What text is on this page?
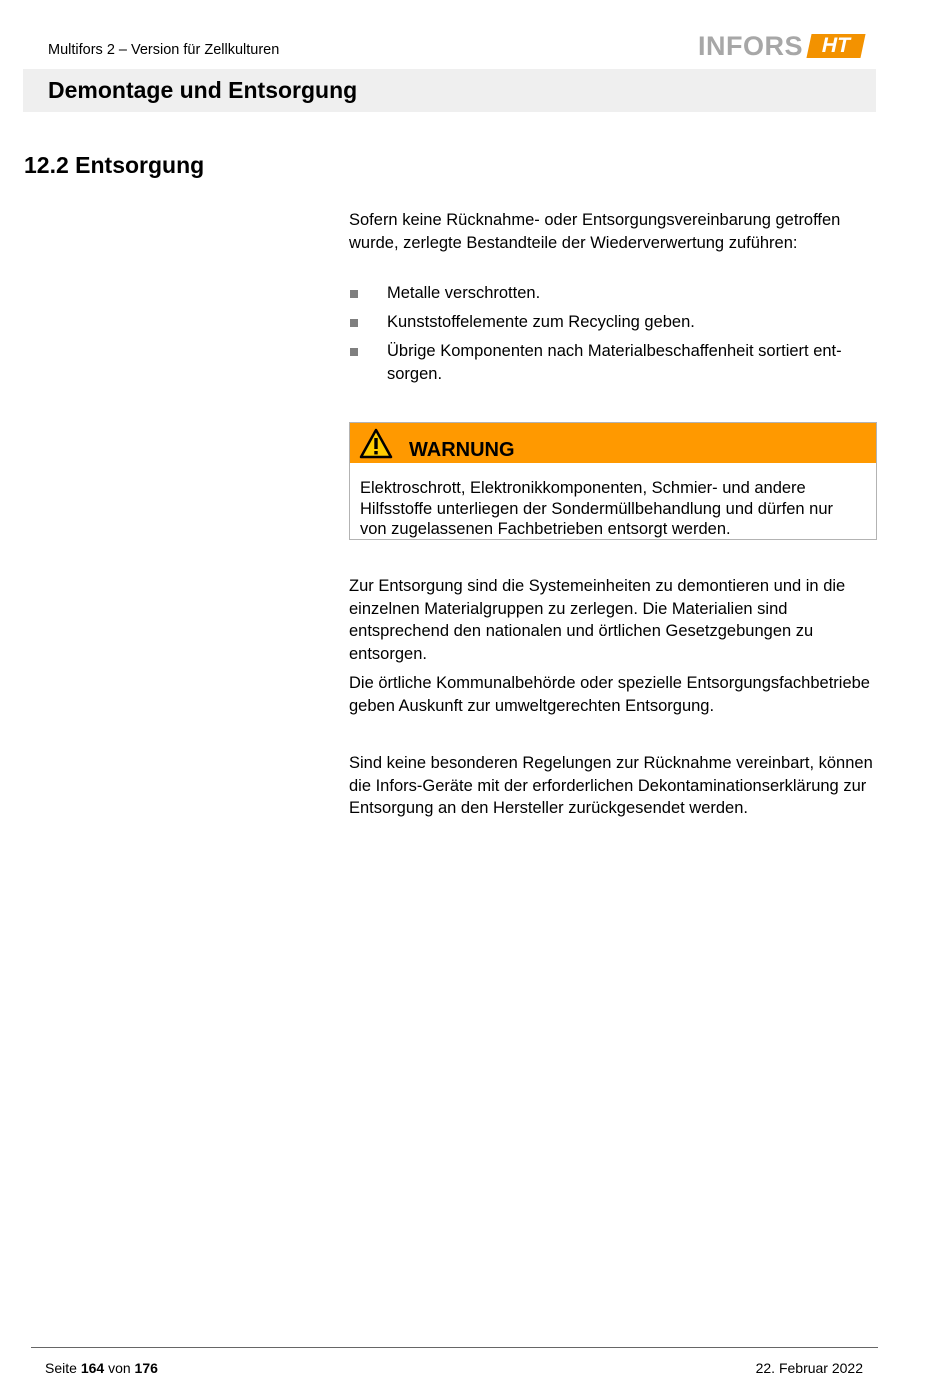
Multifors 2 – Version für Zellkulturen	INFORS HT
Demontage und Entsorgung
12.2 Entsorgung
Sofern keine Rücknahme- oder Entsorgungsvereinbarung getroffen wurde, zerlegte Bestandteile der Wiederverwertung zuführen:
Metalle verschrotten.
Kunststoffelemente zum Recycling geben.
Übrige Komponenten nach Materialbeschaffenheit sortiert entsorgen.
WARNUNG
Elektroschrott, Elektronikkomponenten, Schmier- und andere Hilfsstoffe unterliegen der Sondermüllbehandlung und dürfen nur von zugelassenen Fachbetrieben entsorgt werden.
Zur Entsorgung sind die Systemeinheiten zu demontieren und in die einzelnen Materialgruppen zu zerlegen. Die Materialien sind entsprechend den nationalen und örtlichen Gesetzgebungen zu entsorgen.
Die örtliche Kommunalbehörde oder spezielle Entsorgungsfachbetriebe geben Auskunft zur umweltgerechten Entsorgung.
Sind keine besonderen Regelungen zur Rücknahme vereinbart, können die Infors-Geräte mit der erforderlichen Dekontaminationserklärung zur Entsorgung an den Hersteller zurückgesendet werden.
Seite 164 von 176	22. Februar 2022
